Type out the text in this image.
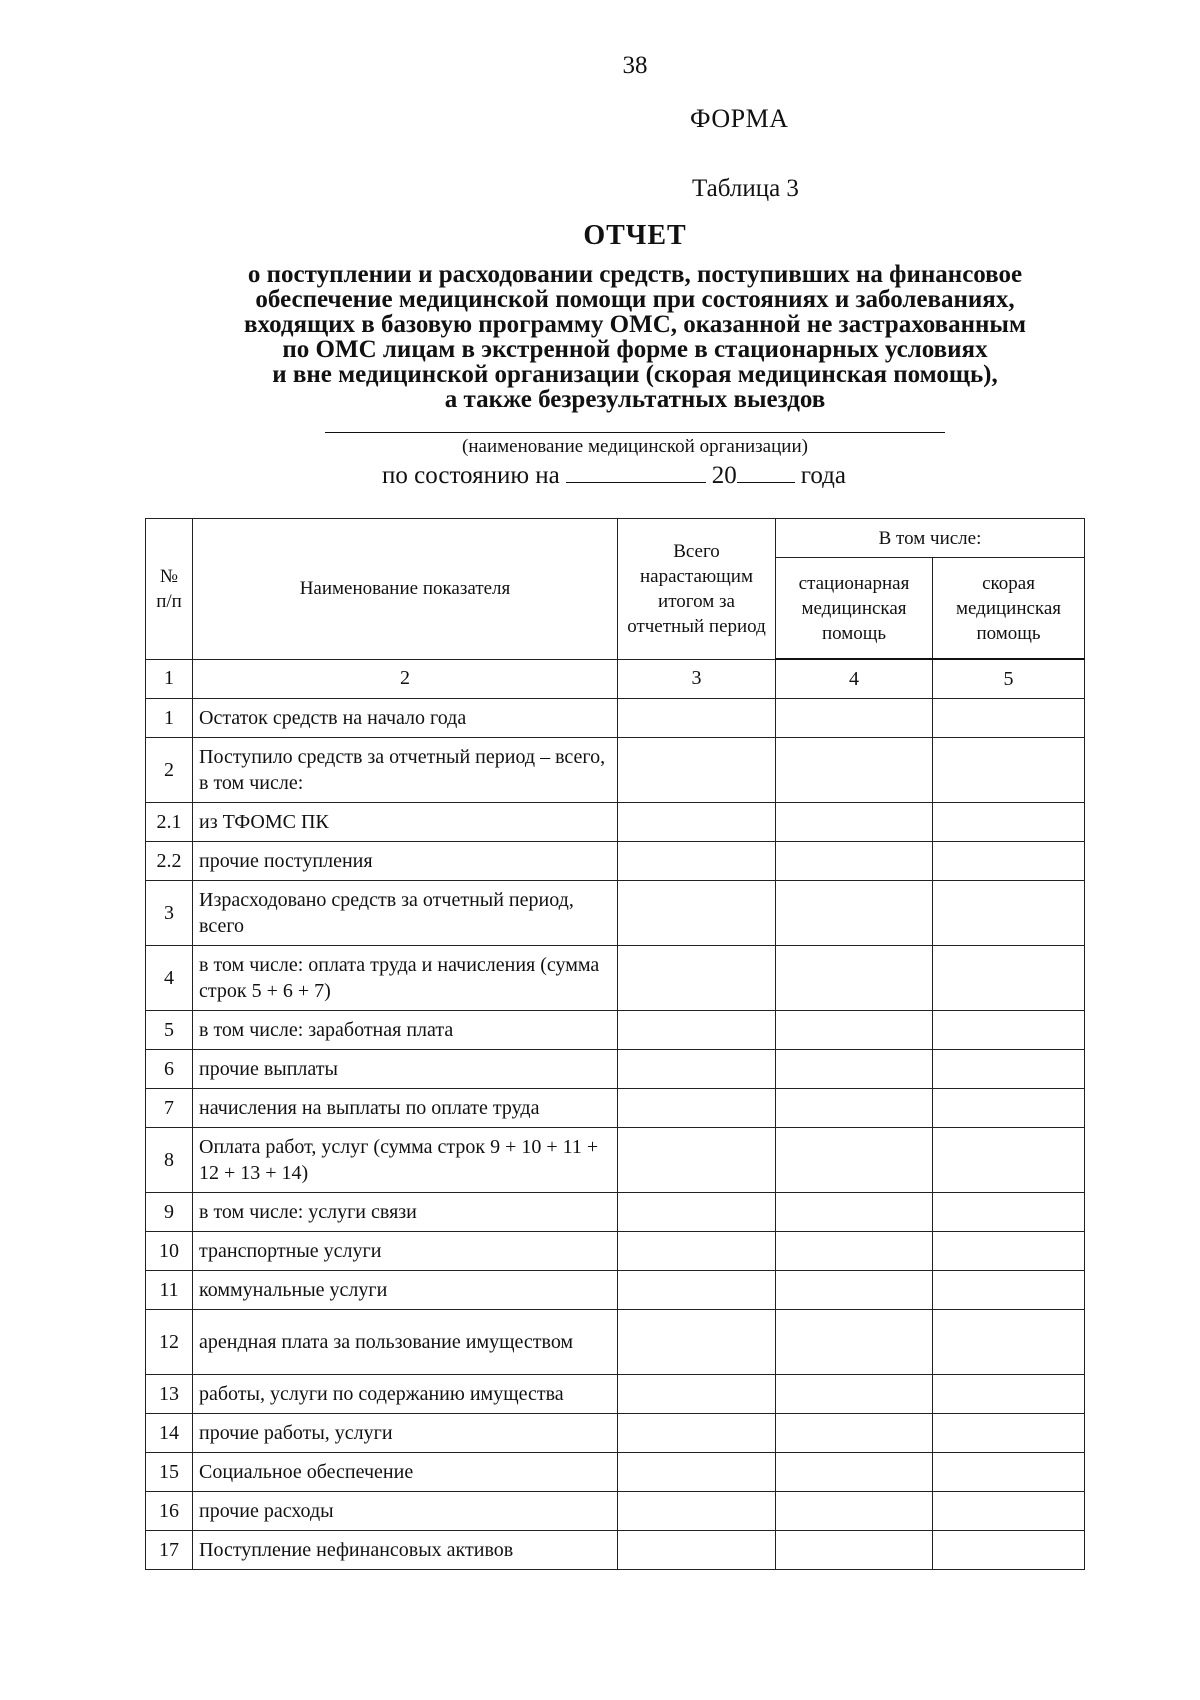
38
ФОРМА
Таблица 3
ОТЧЕТ
о поступлении и расходовании средств, поступивших на финансовое
обеспечение медицинской помощи при состояниях и заболеваниях,
входящих в базовую программу ОМС, оказанной не застрахованным
по ОМС лицам в экстренной форме в стационарных условиях
и вне медицинской организации (скорая медицинская помощь),
а также безрезультатных выездов
(наименование медицинской организации)
по состоянию на	20	года
№ п/п	Наименование показателя	Всего нарастающим итогом за отчетный период	В том числе:	
			стационарная медицинская помощь	скорая медицинская помощь
1	2	3	4	5
1	Остаток средств на начало года			
2	Поступило средств за отчетный период – всего, в том числе:			
2.1	из ТФОМС ПК			
2.2	прочие поступления			
3	Израсходовано средств за отчетный период, всего			
4	в том числе: оплата труда и начисления (сумма строк 5 + 6 + 7)			
5	в том числе: заработная плата			
6	прочие выплаты			
7	начисления на выплаты по оплате труда			
8	Оплата работ, услуг (сумма строк 9 + 10 + 11 + 12 + 13 + 14)			
9	в том числе: услуги связи			
10	транспортные услуги			
11	коммунальные услуги			
12	арендная плата за пользование имуществом			
13	работы, услуги по содержанию имущества			
14	прочие работы, услуги			
15	Социальное обеспечение			
16	прочие расходы			
17	Поступление нефинансовых активов			
